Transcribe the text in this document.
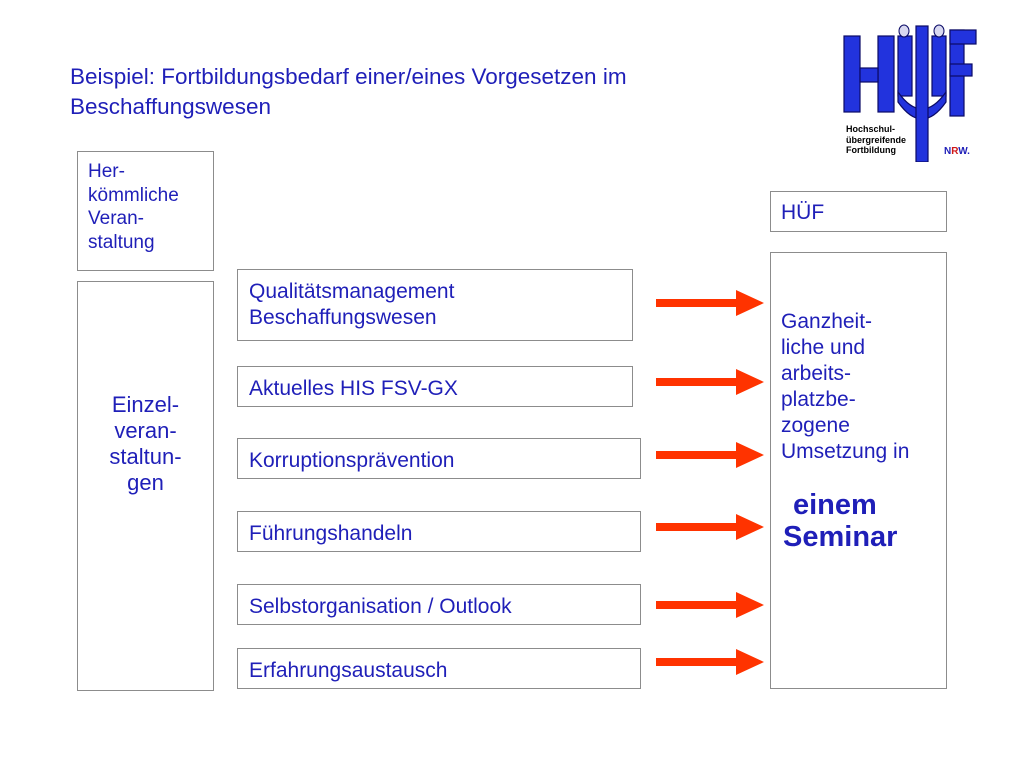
Beispiel: Fortbildungsbedarf einer/eines Vorgesetzen im Beschaffungswesen
Hochschul-
übergreifende
Fortbildung	NRW.
Her-
kömmliche
Veran-
staltung
Einzel-
veran-
staltun-
gen
Qualitätsmanagement Beschaffungswesen
Aktuelles HIS FSV-GX
Korruptionsprävention
Führungshandeln
Selbstorganisation / Outlook
Erfahrungsaustausch
HÜF
Ganzheit-
liche und
arbeits-
platzbe-
zogene
Umsetzung in
einem
Seminar
